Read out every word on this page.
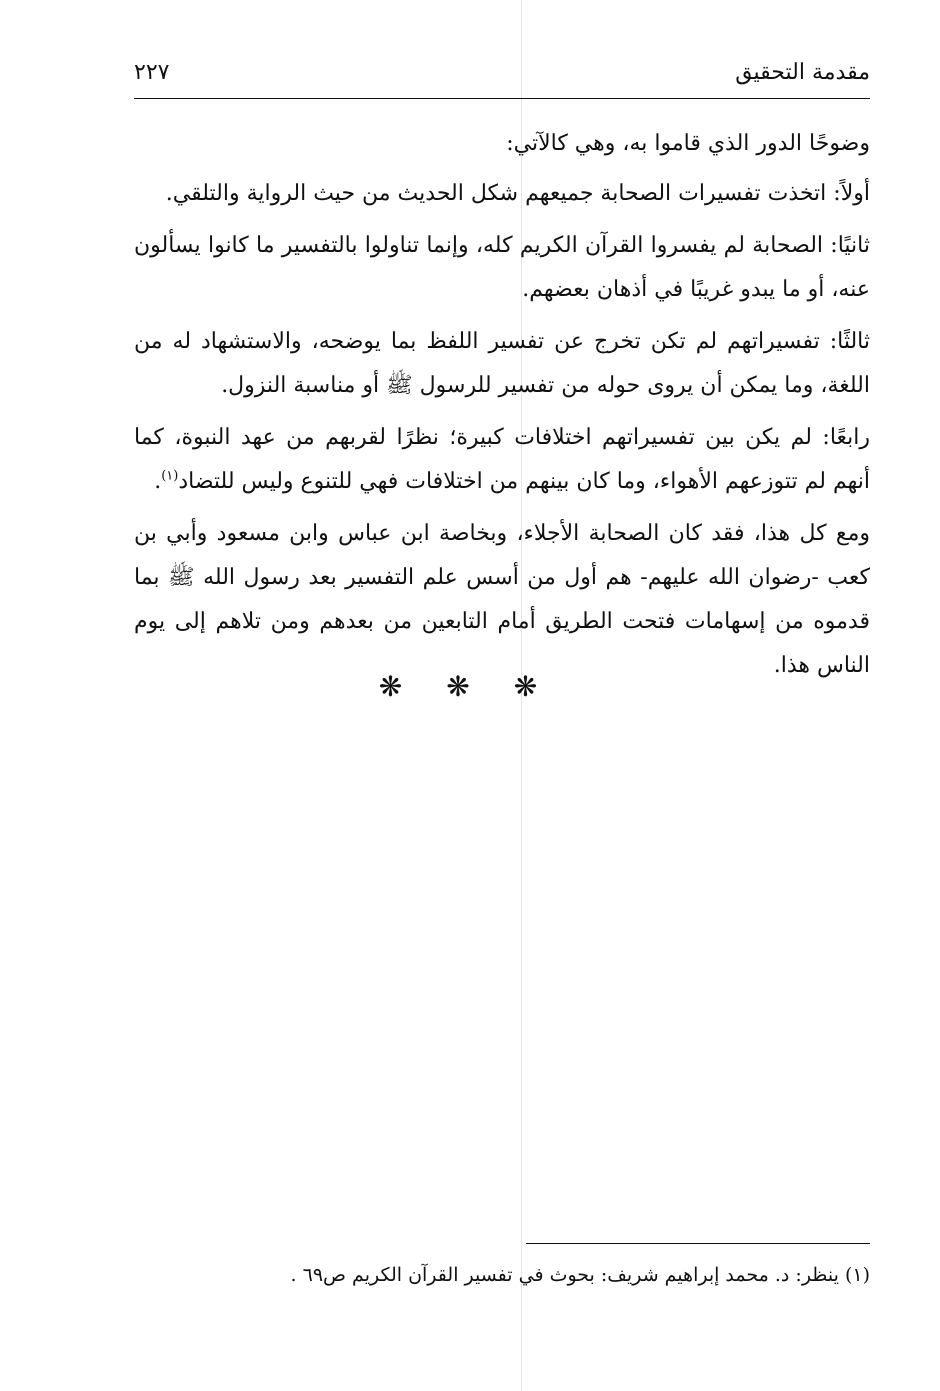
مقدمة التحقيق
٢٢٧

وضوحًا الدور الذي قاموا به، وهي كالآتي:

أولاً: اتخذت تفسيرات الصحابة جميعهم شكل الحديث من حيث الرواية والتلقي.

ثانيًا: الصحابة لم يفسروا القرآن الكريم كله، وإنما تناولوا بالتفسير ما كانوا يسألون عنه، أو ما يبدو غريبًا في أذهان بعضهم.

ثالثًا: تفسيراتهم لم تكن تخرج عن تفسير اللفظ بما يوضحه، والاستشهاد له من اللغة، وما يمكن أن يروى حوله من تفسير للرسول ﷺ أو مناسبة النزول.

رابعًا: لم يكن بين تفسيراتهم اختلافات كبيرة؛ نظرًا لقربهم من عهد النبوة، كما أنهم لم تتوزعهم الأهواء، وما كان بينهم من اختلافات فهي للتنوع وليس للتضاد$^{(١)}$.

ومع كل هذا، فقد كان الصحابة الأجلاء، وبخاصة ابن عباس وابن مسعود وأبي بن كعب -رضوان الله عليهم- هم أول من أسس علم التفسير بعد رسول الله ﷺ بما قدموه من إسهامات فتحت الطريق أمام التابعين من بعدهم ومن تلاهم إلى يوم الناس هذا.

❋❋❋
(١) ينظر: د. محمد إبراهيم شريف: بحوث في تفسير القرآن الكريم ص٦٩ .
